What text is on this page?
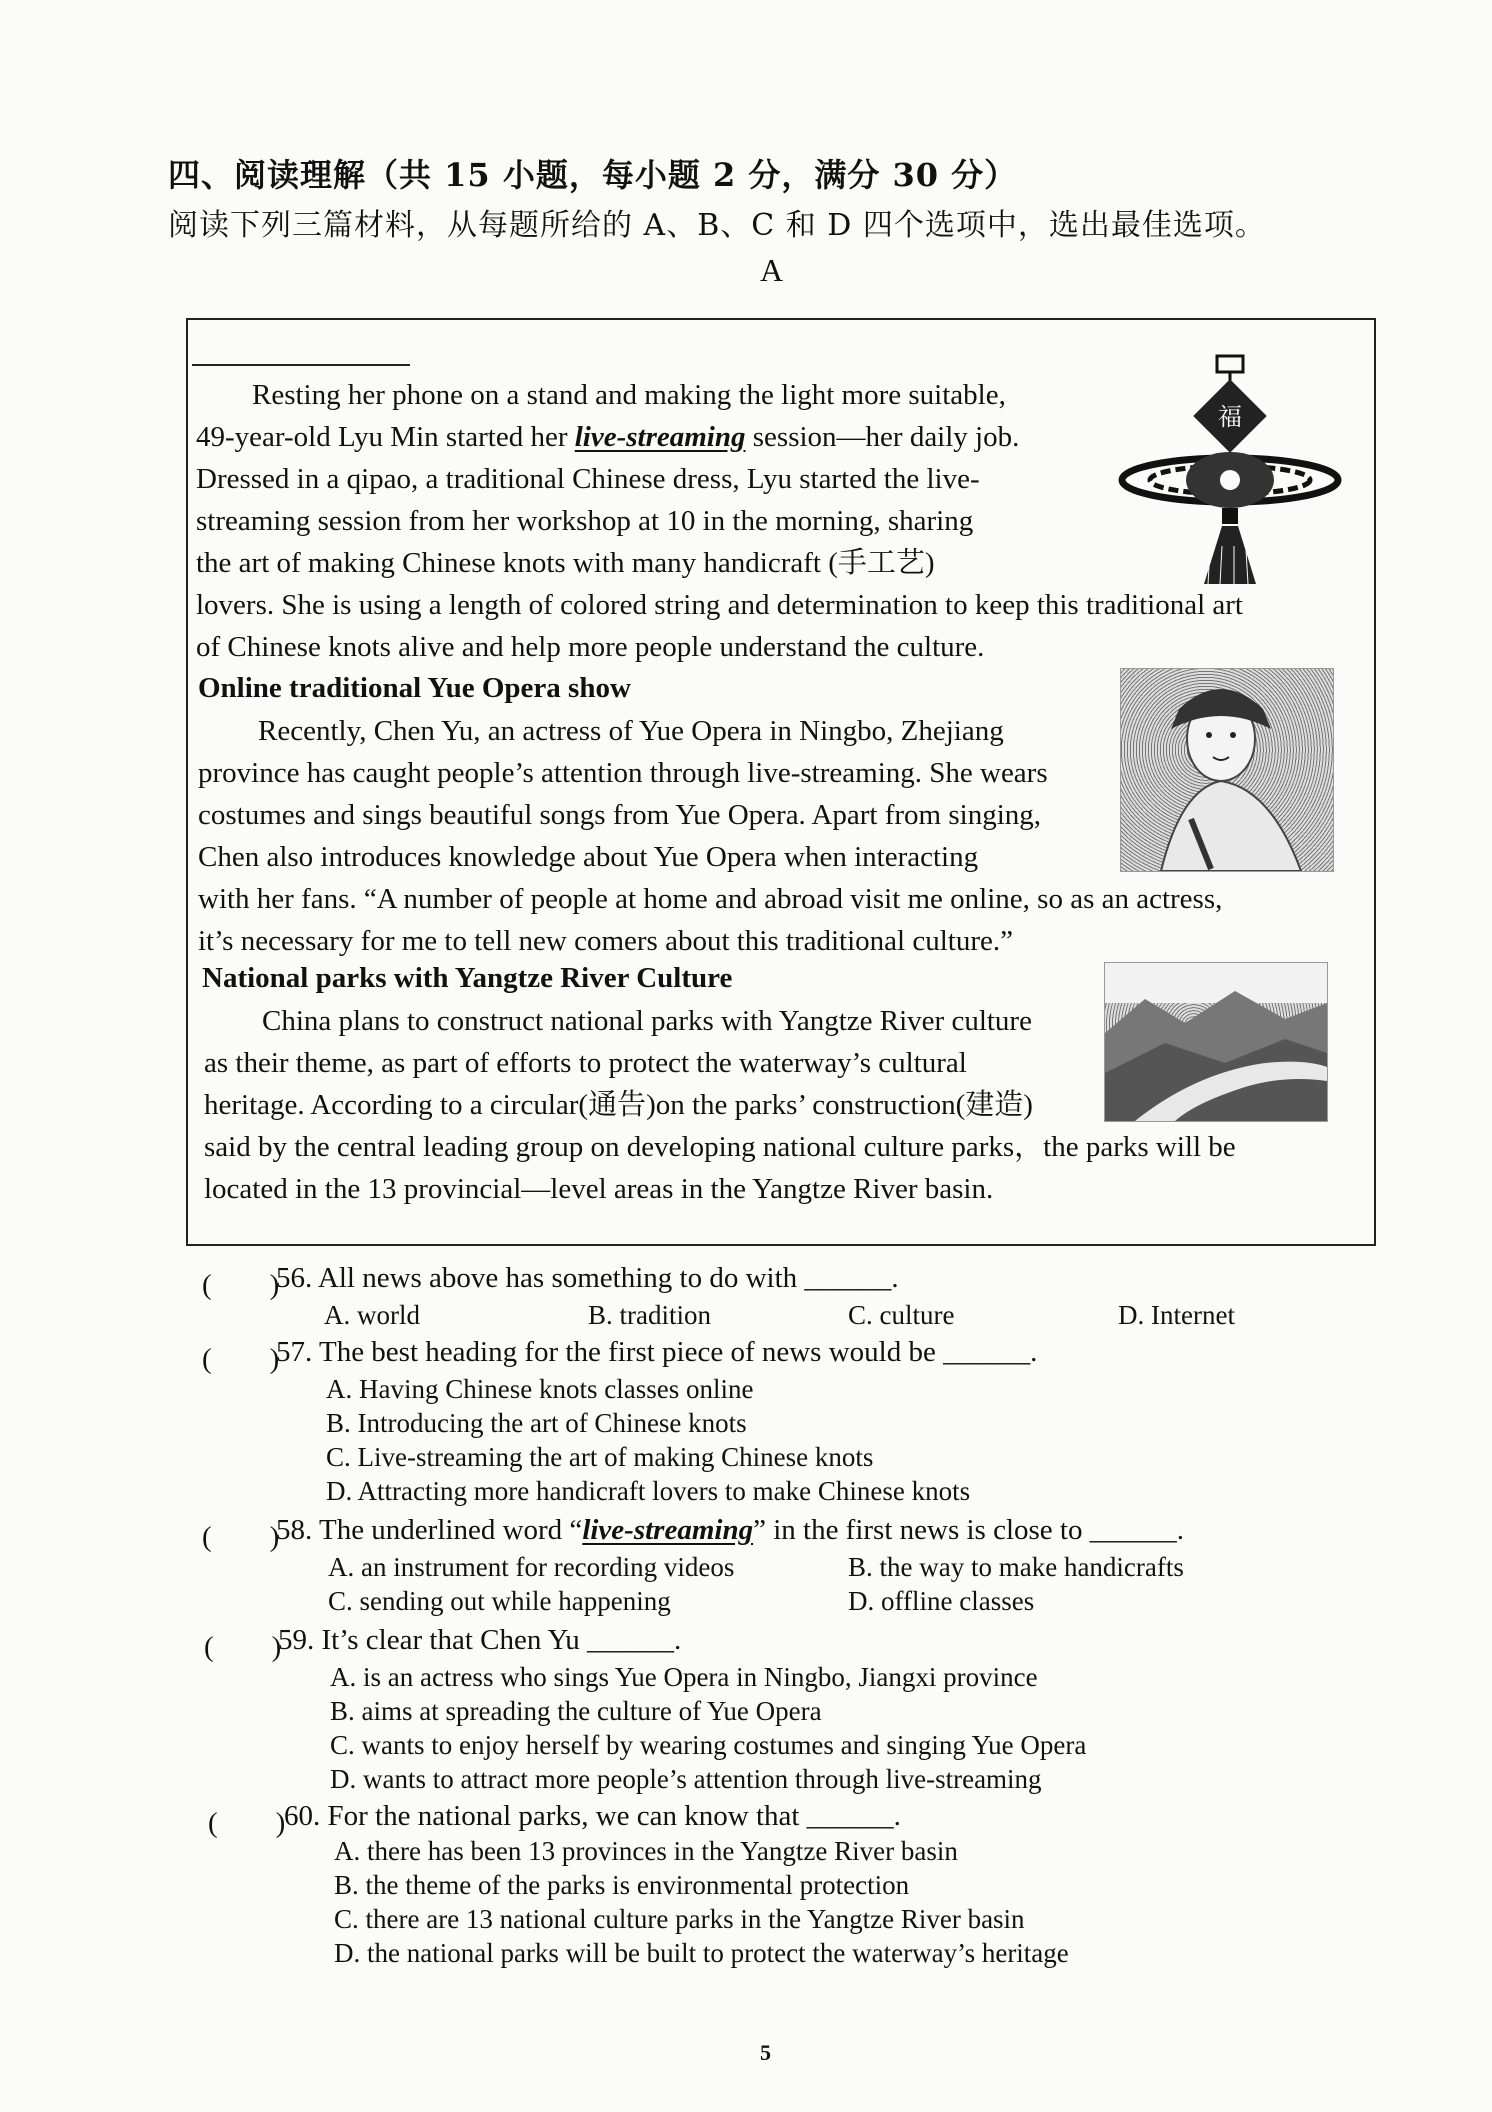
四、阅读理解（共 15 小题，每小题 2 分，满分 30 分）
阅读下列三篇材料，从每题所给的 A、B、C 和 D 四个选项中，选出最佳选项。
A
Resting her phone on a stand and making the light more suitable,
49-year-old Lyu Min started her live-streaming session—her daily job.
Dressed in a qipao, a traditional Chinese dress, Lyu started the live-
streaming session from her workshop at 10 in the morning, sharing
the art of making Chinese knots with many handicraft (手工艺)
lovers. She is using a length of colored string and determination to keep this traditional art
of Chinese knots alive and help more people understand the culture.
福
Online traditional Yue Opera show
Recently, Chen Yu, an actress of Yue Opera in Ningbo, Zhejiang
province has caught people’s attention through live-streaming. She wears
costumes and sings beautiful songs from Yue Opera. Apart from singing,
Chen also introduces knowledge about Yue Opera when interacting
with her fans. “A number of people at home and abroad visit me online, so as an actress,
it’s necessary for me to tell new comers about this traditional culture.”
National parks with Yangtze River Culture
China plans to construct national parks with Yangtze River culture
as their theme, as part of efforts to protect the waterway’s cultural
heritage. According to a circular(通告)on the parks’ construction(建造)
said by the central leading group on developing national culture parks，the parks will be
located in the 13 provincial—level areas in the Yangtze River basin.
(　　)
56. All news above has something to do with ______.
A. world	B. tradition	C. culture	D. Internet
(　　)
57. The best heading for the first piece of news would be ______.
A. Having Chinese knots classes online
B. Introducing the art of Chinese knots
C. Live-streaming the art of making Chinese knots
D. Attracting more handicraft lovers to make Chinese knots
(　　)
58. The underlined word “live-streaming” in the first news is close to ______.
A. an instrument for recording videos	B. the way to make handicrafts
C. sending out while happening	D. offline classes
(　　)
59. It’s clear that Chen Yu ______.
A. is an actress who sings Yue Opera in Ningbo, Jiangxi province
B. aims at spreading the culture of Yue Opera
C. wants to enjoy herself by wearing costumes and singing Yue Opera
D. wants to attract more people’s attention through live-streaming
(　　)
60. For the national parks, we can know that ______.
A. there has been 13 provinces in the Yangtze River basin
B. the theme of the parks is environmental protection
C. there are 13 national culture parks in the Yangtze River basin
D. the national parks will be built to protect the waterway’s heritage
5
